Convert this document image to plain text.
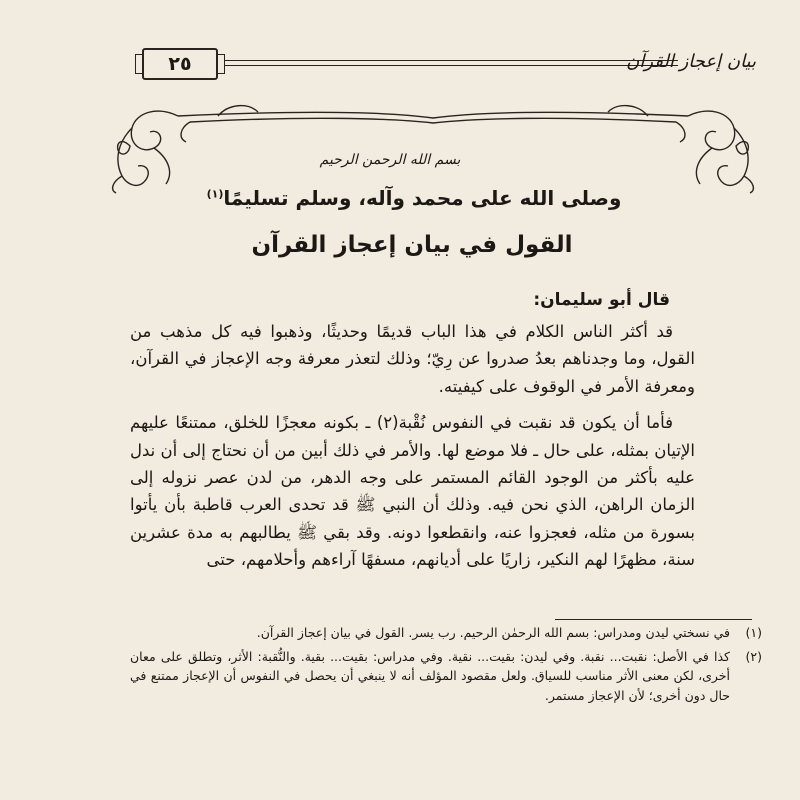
٢٥	بيان إعجاز القرآن
بسم الله الرحمن الرحيم
وصلى الله على محمد وآله، وسلم تسليمًا$^{(١)}$
القول في بيان إعجاز القرآن
قال أبو سليمان:

قد أكثر الناس الكلام في هذا الباب قديمًا وحديثًا، وذهبوا فيه كل مذهب من القول، وما وجدناهم بعدُ صدروا عن رِيّ؛ وذلك لتعذر معرفة وجه الإعجاز في القرآن، ومعرفة الأمر في الوقوف على كيفيته.

فأما أن يكون قد نقبت في النفوس نُقْبة(٢) ـ بكونه معجزًا للخلق، ممتنعًا عليهم الإتيان بمثله، على حال ـ فلا موضع لها. والأمر في ذلك أبين من أن نحتاج إلى أن ندل عليه بأكثر من الوجود القائم المستمر على وجه الدهر، من لدن عصر نزوله إلى الزمان الراهن، الذي نحن فيه. وذلك أن النبي ﷺ قد تحدى العرب قاطبة بأن يأتوا بسورة من مثله، فعجزوا عنه، وانقطعوا دونه. وقد بقي ﷺ يطالبهم به مدة عشرين سنة، مظهرًا لهم النكير، زاريًا على أديانهم، مسفهًا آراءهم وأحلامهم، حتى

(١)
في نسختي ليدن ومدراس: بسم الله الرحمٰن الرحيم. رب يسر. القول في بيان إعجاز القرآن.
(٢)
كذا في الأصل: نقبت... نقبة. وفي ليدن: بقيت... نقية. وفي مدراس: بقيت... بقية. والنُّقبة: الأثر، وتطلق على معان أخرى، لكن معنى الأثر مناسب للسياق. ولعل مقصود المؤلف أنه لا ينبغي أن يحصل في النفوس أن الإعجاز ممتنع في حال دون أخرى؛ لأن الإعجاز مستمر.
